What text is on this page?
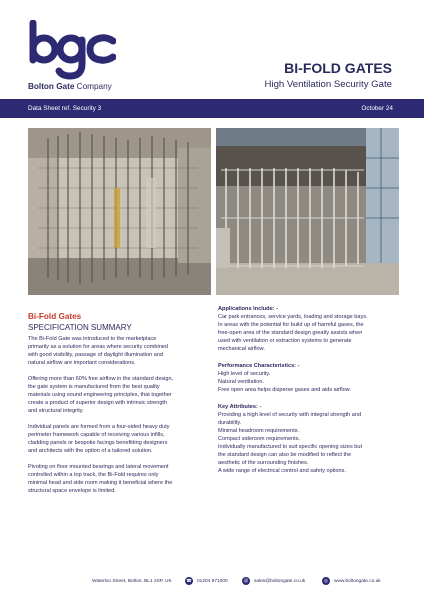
Bolton Gate Company
BI-FOLD GATES
High Ventilation Security Gate
Data Sheet ref. Security 3	October 24
Bi-Fold Gates
SPECIFICATION SUMMARY
The Bi-Fold Gate was introduced to the marketplace
primarily as a solution for areas where security combined
with good visibility, passage of daylight illumination and
natural airflow are important considerations.
Offering more than 60% free airflow in the standard design,
the gate system is manufactured from the best quality
materials using sound engineering principles, that together
create a product of superior design with intrinsic strength
and structural integrity.
Individual panels are formed from a four-sided heavy duty
perimeter framework capable of receiving various infills,
cladding panels or bespoke facings benefitting designers
and architects with the option of a tailored solution.
Pivoting on floor mounted bearings and lateral movement
controlled within a top track, the Bi-Fold requires only
minimal head and side room making it beneficial where the
structural space envelope is limited.
Applications Include: -
Car park entrances, service yards, loading and storage bays.
In areas with the potential for build up of harmful gases, the
free-open area of the standard design greatly assists when
used with ventilation or extraction systems to generate
mechanical airflow.
Performance Characteristics: -
High level of security.
Natural ventilation.
Free open area helps disperse gases and aids airflow.
Key Attributes: -
Providing a high level of security with integral strength and
durability.
Minimal headroom requirements.
Compact sideroom requirements.
Individually manufactured to suit specific opening sizes but
the standard design can also be modified to reflect the
aesthetic of the surrounding finishes.
A wide range of electrical control and safety options.
Waterloo Street, Bolton, BL1 2SP, UK	☎ 01204 871000	@	sales@boltongate.co.uk	◎	www.boltongate.co.uk
